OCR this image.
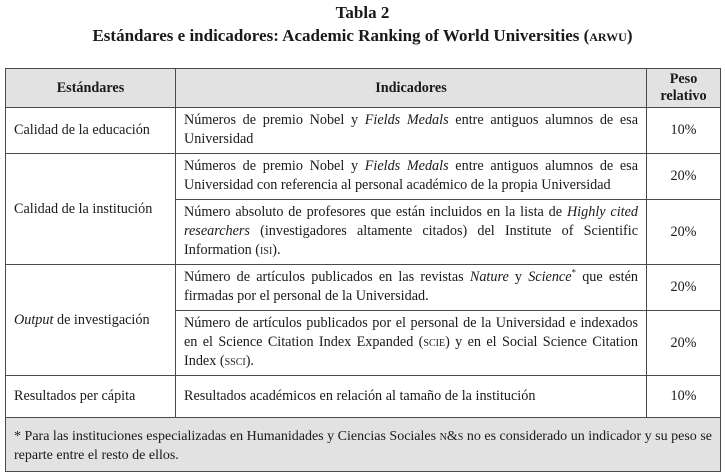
Tabla 2
Estándares e indicadores: Academic Ranking of World Universities (arwu)
Estándares	Indicadores	Peso relativo
Calidad de la educación	Números de premio Nobel y Fields Medals entre antiguos alumnos de esa Universidad	10%
Calidad de la institución	Números de premio Nobel y Fields Medals entre antiguos alumnos de esa Universidad con referencia al personal académico de la propia Universidad	20%
	Número absoluto de profesores que están incluidos en la lista de Highly cited researchers (investigadores altamente citados) del Institute of Scientific Information (isi).	20%
Output de investigación	Número de artículos publicados en las revistas Nature y Science* que estén firmadas por el personal de la Universidad.	20%
	Número de artículos publicados por el personal de la Universidad e indexados en el Science Citation Index Expanded (scie) y en el Social Science Citation Index (ssci).	20%
Resultados per cápita	Resultados académicos en relación al tamaño de la institución	10%
* Para las instituciones especializadas en Humanidades y Ciencias Sociales n&s no es considerado un indicador y su peso se reparte entre el resto de ellos.		
